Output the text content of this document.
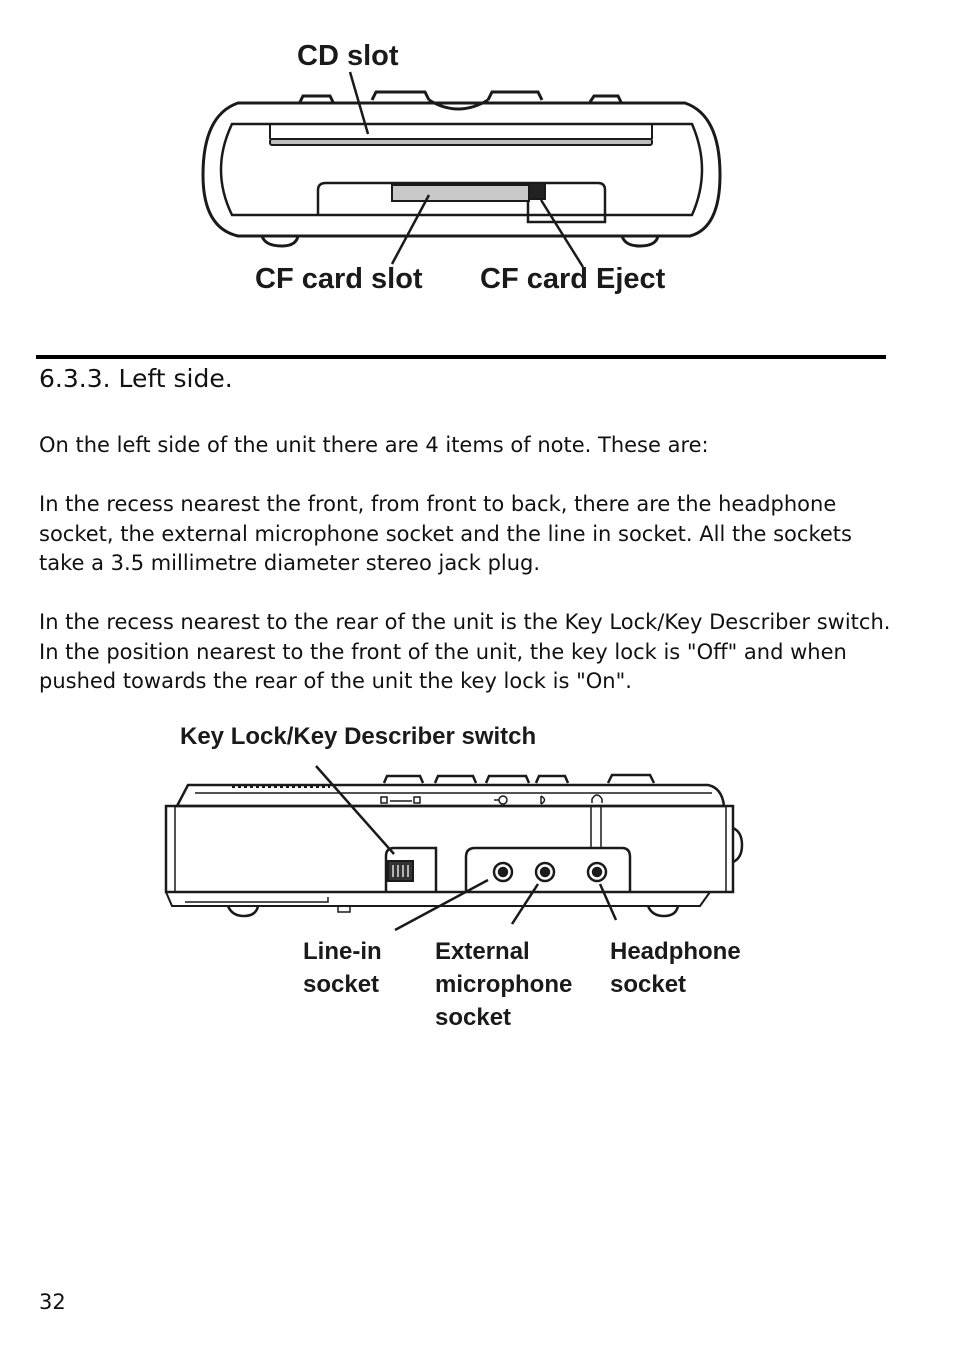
CD slot
CF card slot CF card Eject
6.3.3. Left side.

On the left side of the unit there are 4 items of note. These are:

In the recess nearest the front, from front to back, there are the headphone socket, the external microphone socket and the line in socket. All the sockets take a 3.5 millimetre diameter stereo jack plug.

In the recess nearest to the rear of the unit is the Key Lock/Key Describer switch. In the position nearest to the front of the unit, the key lock is "Off" and when pushed towards the rear of the unit the key lock is "On".

Key Lock/Key Describer switch
Line-in
socket
External
microphone
socket
Headphone
socket
32
